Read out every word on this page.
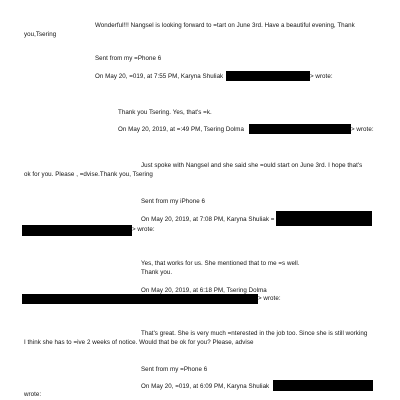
Wonderful!!! Nangsel is looking forward to =tart on June 3rd. Have a beautiful evening, Thank
you,Tsering
Sent from my =Phone 6
On May 20, =019, at 7:55 PM, Karyna Shuliak	> wrote:
Thank you Tsering. Yes, that's =k.
On May 20, 2019, at =:49 PM, Tsering Dolma	> wrote:
Just spoke with Nangsel and she said she =ould start on June 3rd. I hope that's
ok for you. Please , =dvise.Thank you, Tsering
Sent from my iPhone 6
On May 20, 2019, at 7:08 PM, Karyna Shuliak =
> wrote:
Yes, that works for us. She mentioned that to me =s well.
Thank you.
On May 20, 2019, at 6:18 PM, Tsering Dolma
> wrote:
That's great. She is very much =nterested in the job too. Since she is still working
I think she has to =ive 2 weeks of notice. Would that be ok for you? Please, advise
Sent from my =Phone 6
On May 20, =019, at 6:09 PM, Karyna Shuliak
wrote:
